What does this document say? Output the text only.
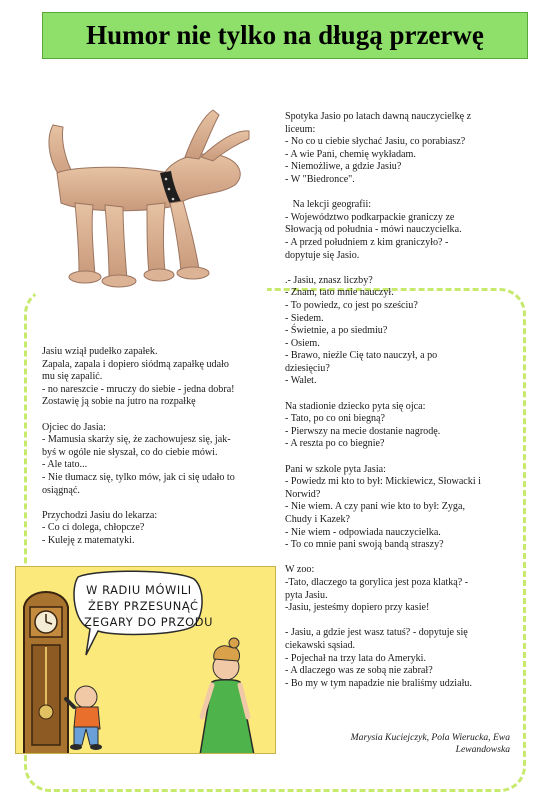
Humor nie tylko na długą przerwę
Spotyka Jasio po latach dawną nauczycielkę z
liceum:
- No co u ciebie słychać Jasiu, co porabiasz?
- A wie Pani, chemię wykładam.
- Niemożliwe, a gdzie Jasiu?
- W "Biedronce".
Na lekcji geografii:
- Województwo podkarpackie graniczy ze
Słowacją od południa - mówi nauczycielka.
- A przed południem z kim graniczyło? -
dopytuje się Jasio.
.- Jasiu, znasz liczby?
- Znam, tato mnie nauczył.
- To powiedz, co jest po sześciu?
- Siedem.
- Świetnie, a po siedmiu?
- Osiem.
- Brawo, nieźle Cię tato nauczył, a po
dziesięciu?
- Walet.
Na stadionie dziecko pyta się ojca:
- Tato, po co oni biegną?
- Pierwszy na mecie dostanie nagrodę.
- A reszta po co biegnie?
Pani w szkole pyta Jasia:
- Powiedz mi kto to był: Mickiewicz, Słowacki i
Norwid?
- Nie wiem. A czy pani wie kto to był: Zyga,
Chudy i Kazek?
- Nie wiem - odpowiada nauczycielka.
- To co mnie pani swoją bandą straszy?
W zoo:
-Tato, dlaczego ta gorylica jest poza klatką? -
pyta Jasiu.
-Jasiu, jesteśmy dopiero przy kasie!
- Jasiu, a gdzie jest wasz tatuś? - dopytuje się
ciekawski sąsiad.
- Pojechał na trzy lata do Ameryki.
- A dlaczego was ze sobą nie zabrał?
- Bo my w tym napadzie nie braliśmy udziału.
Jasiu wziął pudełko zapałek.
Zapala, zapala i dopiero siódmą zapałkę udało
mu się zapalić.
- no nareszcie - mruczy do siebie - jedna dobra!
Zostawię ją sobie na jutro na rozpałkę
Ojciec do Jasia:
- Mamusia skarży się, że zachowujesz się, jak-
byś w ogóle nie słyszał, co do ciebie mówi.
- Ale tato...
- Nie tłumacz się, tylko mów, jak ci się udało to
osiągnąć.
Przychodzi Jasiu do lekarza:
- Co ci dolega, chłopcze?
- Kuleję z matematyki.
Marysia Kuciejczyk, Pola Wierucka, Ewa
Lewandowska
W RADIU MÓWILI
ŻEBY PRZESUNĄĆ
ZEGARY DO PRZODU
